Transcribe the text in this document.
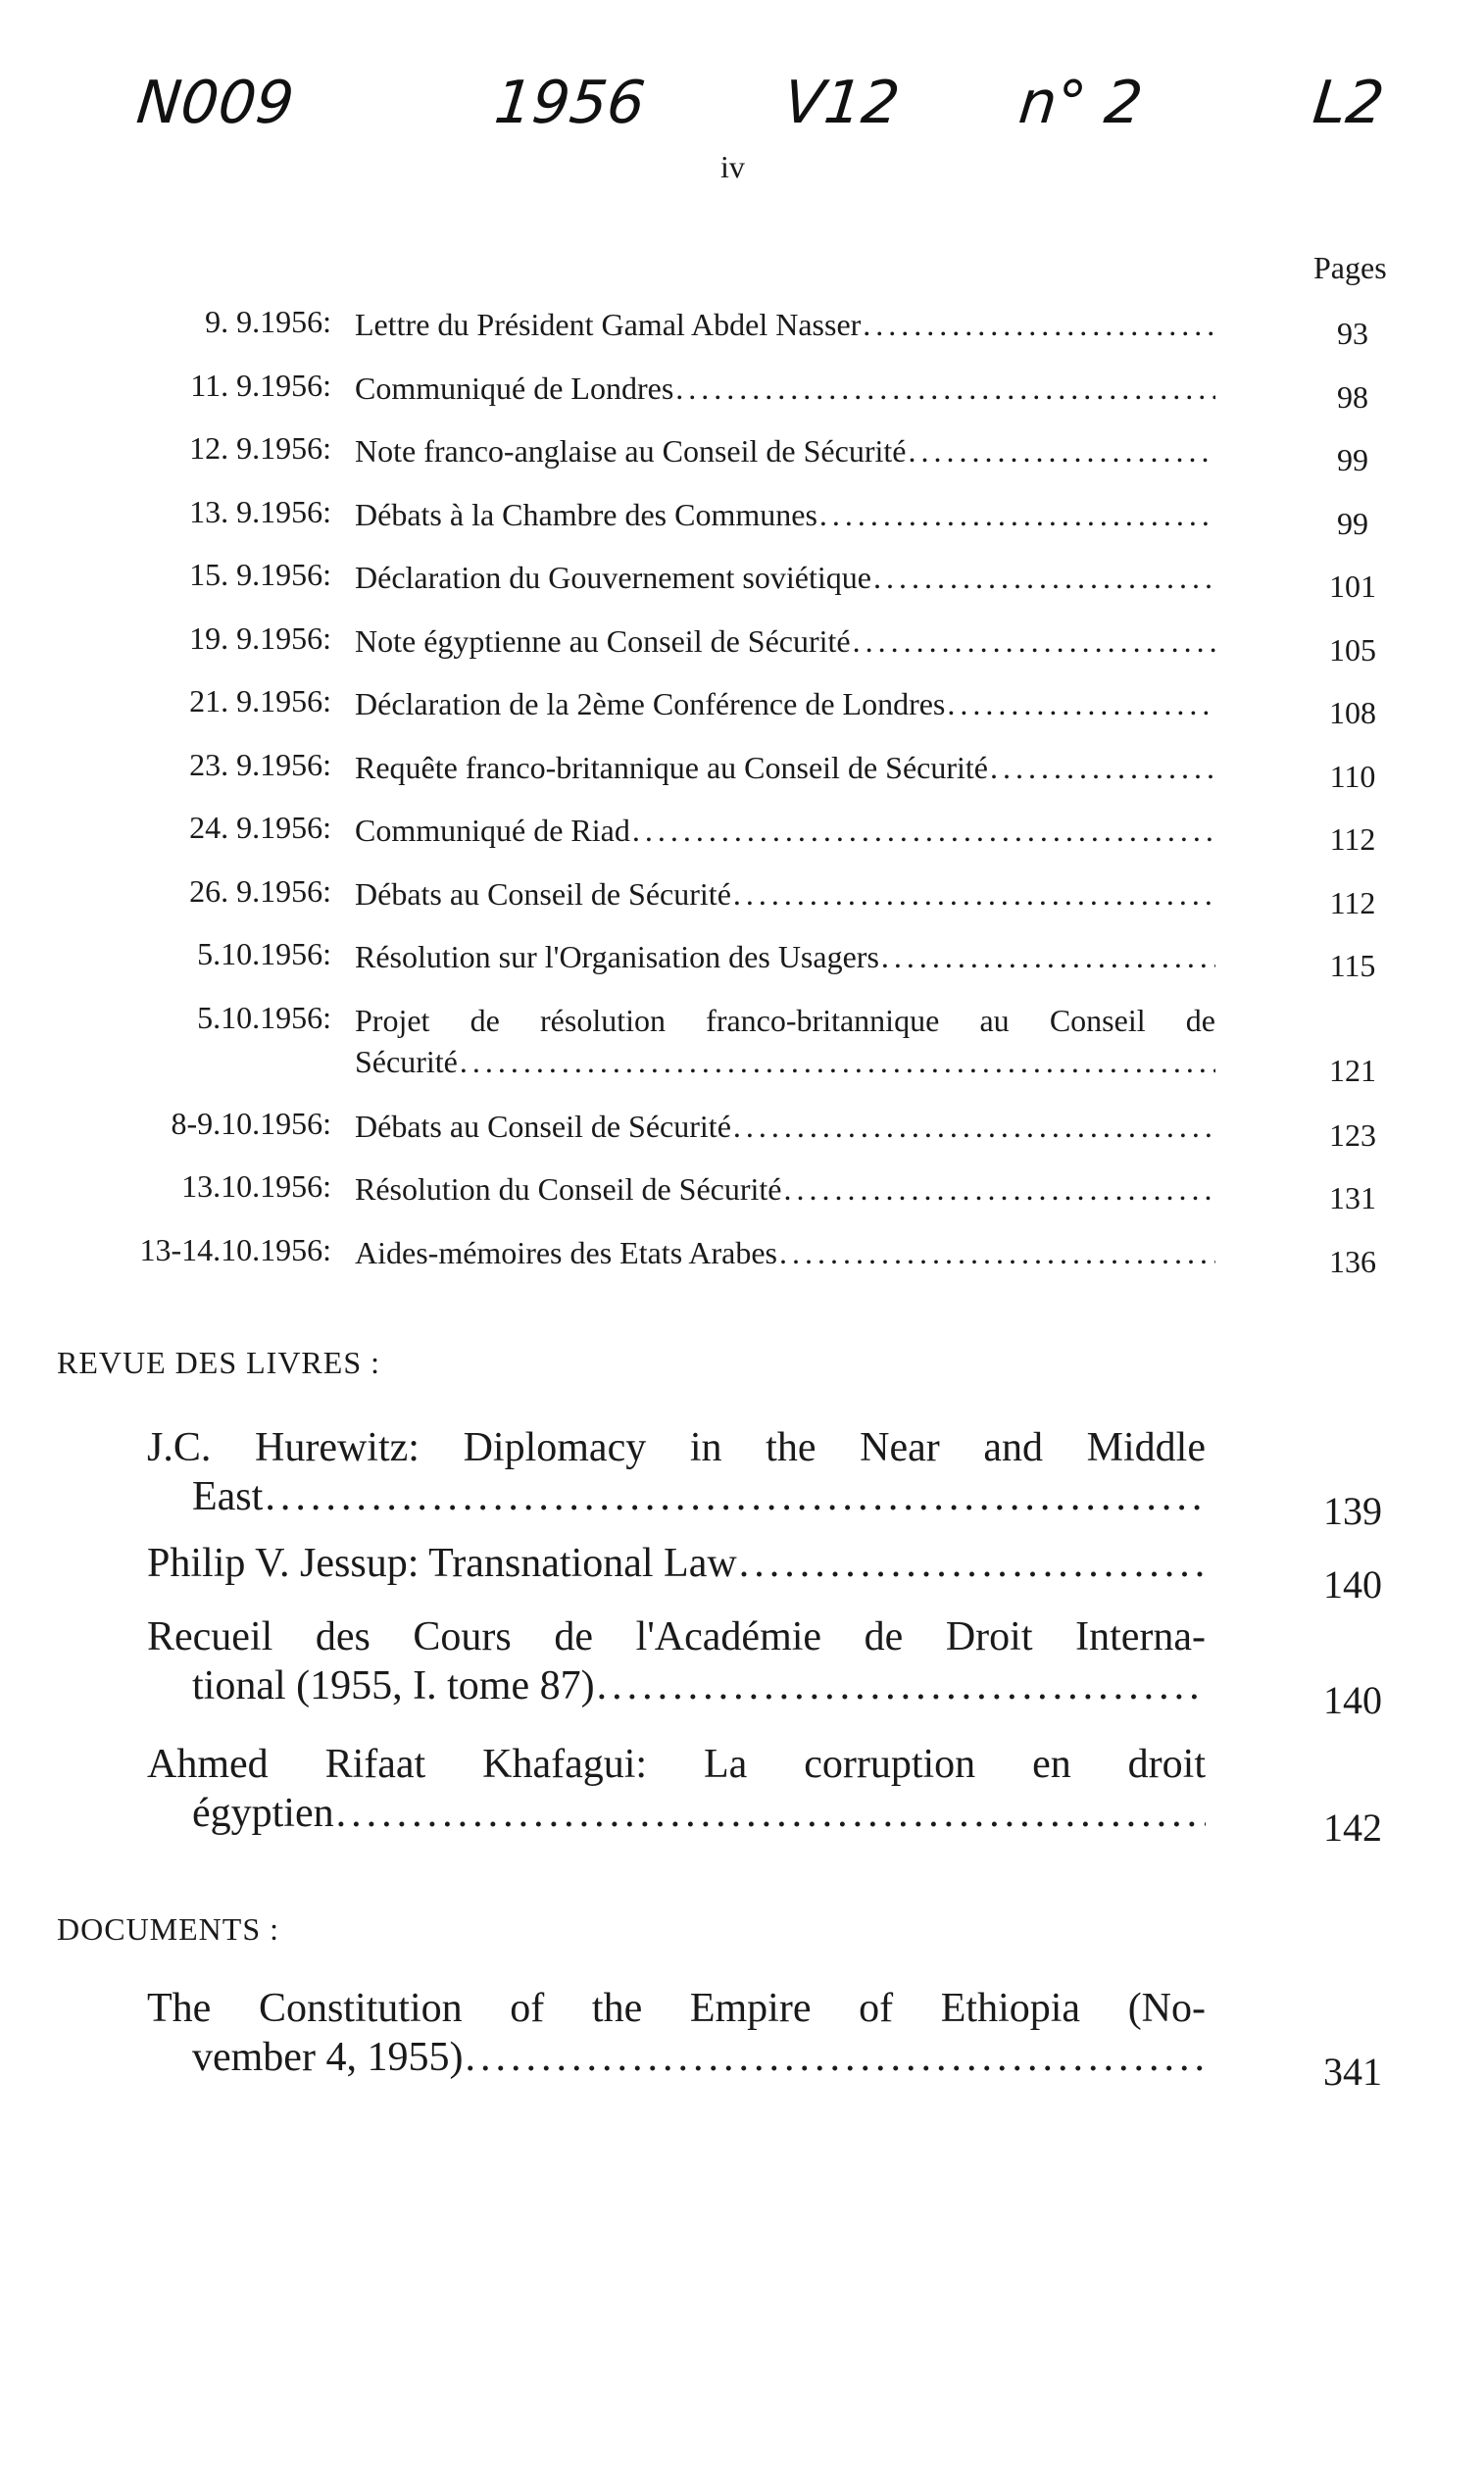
N009	1956 V12 n° 2	L2
iv
Pages
9. 9.1956: Lettre du Président Gamal Abdel Nasser .....	93
11. 9.1956: Communiqué de Londres .....	98
12. 9.1956: Note franco-anglaise au Conseil de Sécurité .....	99
13. 9.1956: Débats à la Chambre des Communes .....	99
15. 9.1956: Déclaration du Gouvernement soviétique .....	101
19. 9.1956: Note égyptienne au Conseil de Sécurité .....	105
21. 9.1956: Déclaration de la 2ème Conférence de Londres .....	108
23. 9.1956: Requête franco-britannique au Conseil de Sécurité .....	110
24. 9.1956: Communiqué de Riad .....	112
26. 9.1956: Débats au Conseil de Sécurité .....	112
5.10.1956: Résolution sur l'Organisation des Usagers .....	115
5.10.1956: Projet de résolution franco-britannique au Conseil de
Sécurité .....	121
8-9.10.1956: Débats au Conseil de Sécurité .....	123
13.10.1956: Résolution du Conseil de Sécurité .....	131
13-14.10.1956: Aides-mémoires des Etats Arabes .....	136
REVUE DES LIVRES :
J.C. Hurewitz: Diplomacy in the Near and Middle
East .....	139
Philip V. Jessup: Transnational Law .....	140
Recueil des Cours de l'Académie de Droit Interna-
tional (1955, I. tome 87) .....	140
Ahmed Rifaat Khafagui: La corruption en droit
égyptien .....	142
DOCUMENTS :
The Constitution of the Empire of Ethiopia (No-
vember 4, 1955) .....	341
